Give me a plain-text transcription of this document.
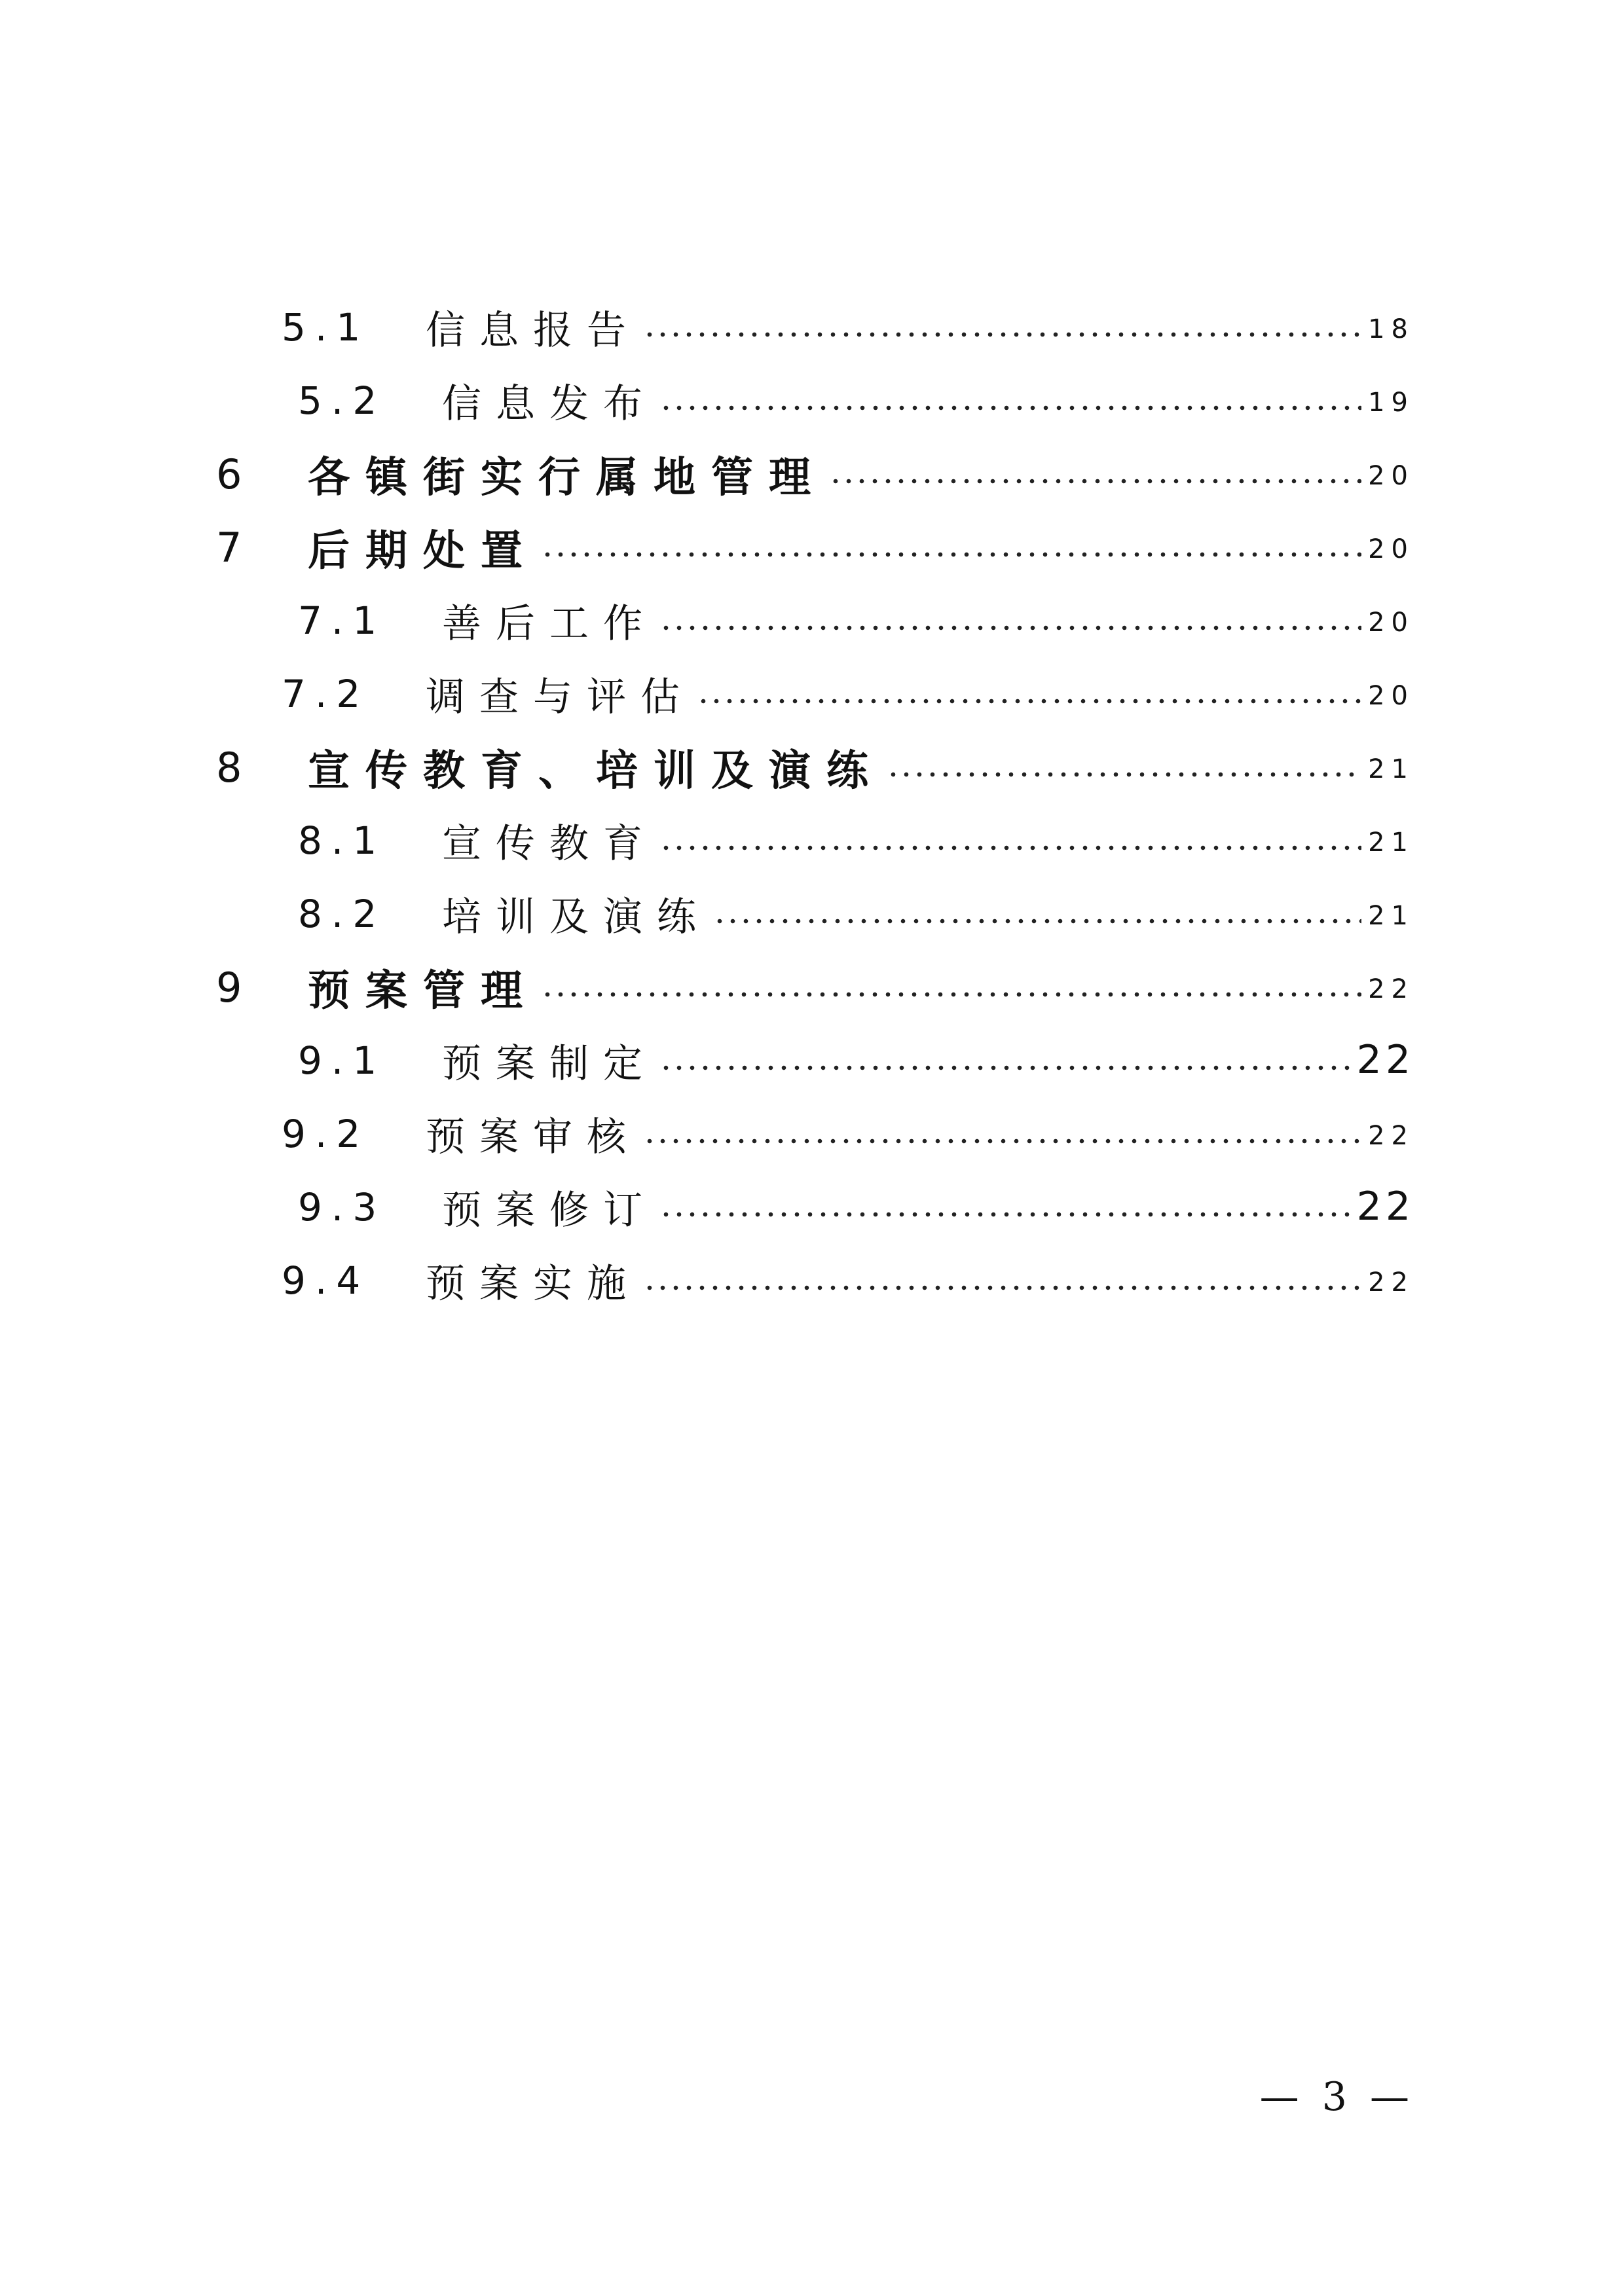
5.1	信息报告	18
5.2	信息发布	19
6	各镇街实行属地管理	20
7	后期处置	20
7.1	善后工作	20
7.2	调查与评估	20
8	宣传教育、培训及演练	21
8.1	宣传教育	21
8.2	培训及演练	21
9	预案管理	22
9.1	预案制定	22
9.2	预案审核	22
9.3	预案修订	22
9.4	预案实施	22
— 3 —
